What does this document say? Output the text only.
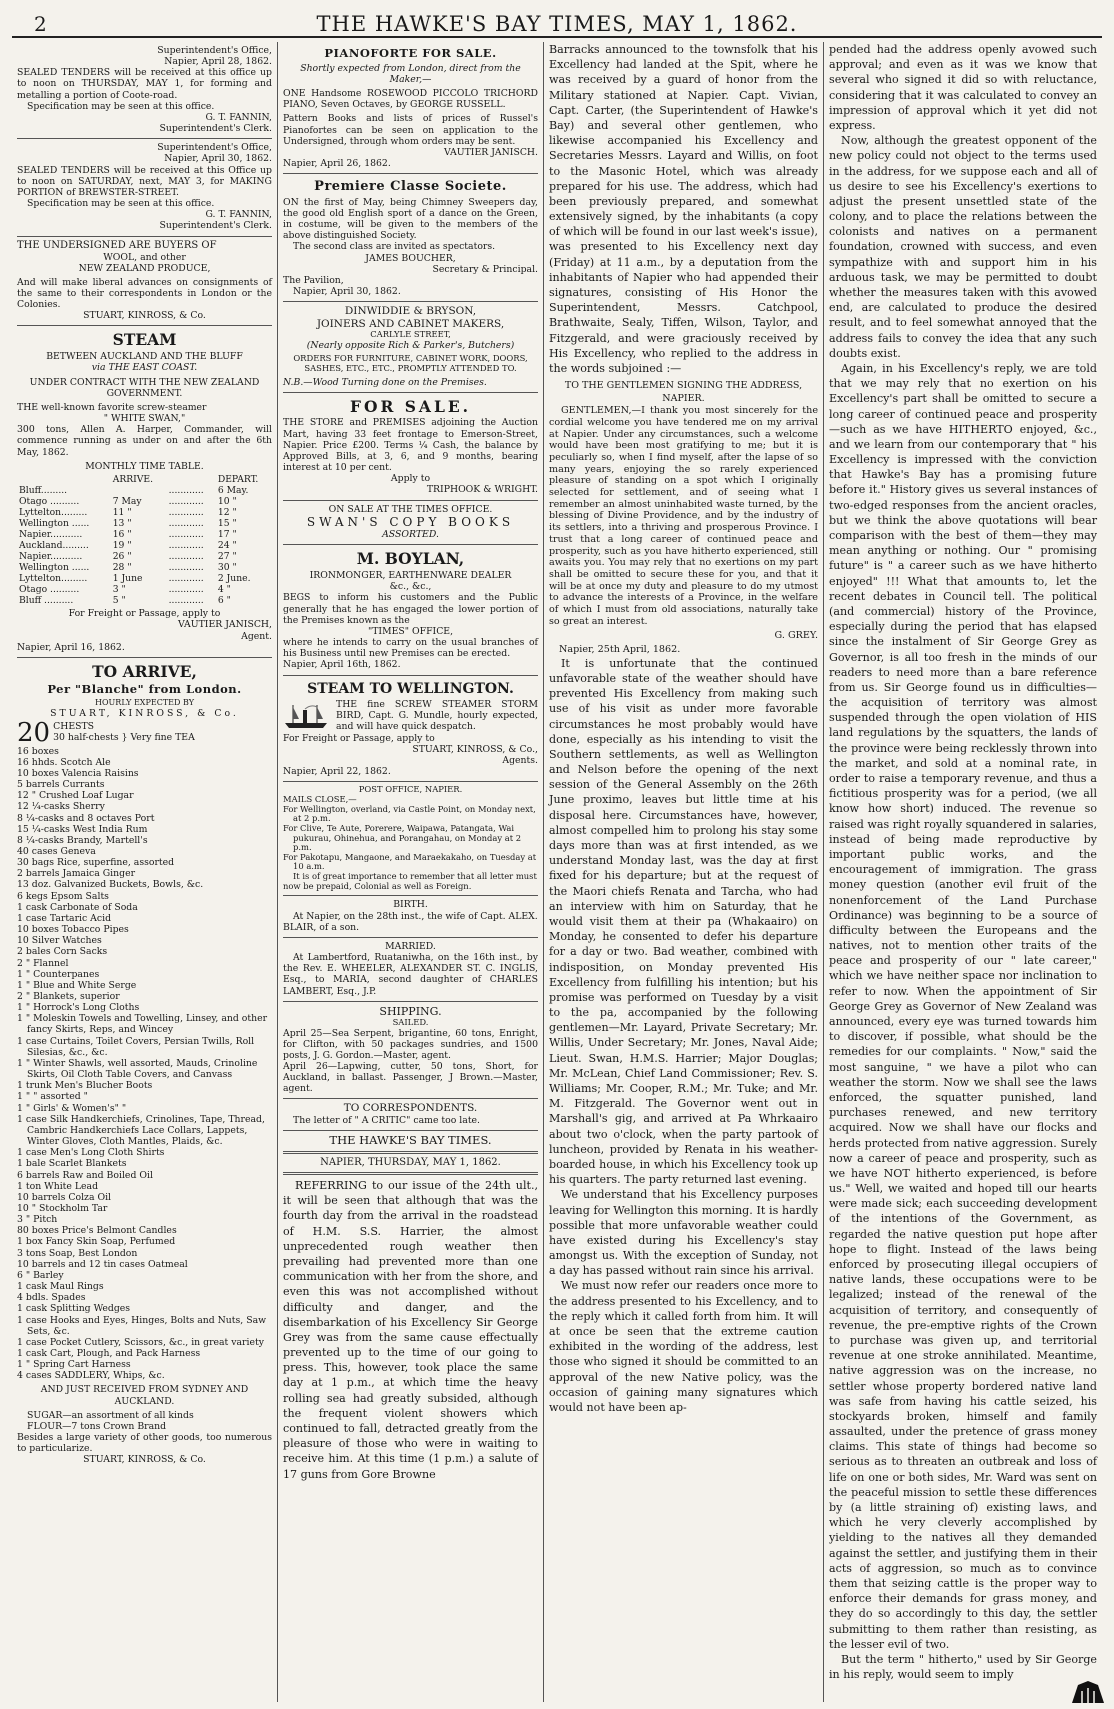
2	THE HAWKE'S BAY TIMES, MAY 1, 1862.
Superintendent's Office,
Napier, April 28, 1862.
SEALED TENDERS will be received at this office up to noon on THURSDAY, MAY 1, for forming and metalling a portion of Coote-road.
Specification may be seen at this office.
G. T. FANNIN,
Superintendent's Clerk.
Superintendent's Office,
Napier, April 30, 1862.
SEALED TENDERS will be received at this Office up to noon on SATURDAY, next, MAY 3, for MAKING PORTION of BREWSTER-STREET.
Specification may be seen at this office.
G. T. FANNIN,
Superintendent's Clerk.
THE UNDERSIGNED ARE BUYERS OF
WOOL, and other
NEW ZEALAND PRODUCE,
And will make liberal advances on consignments of the same to their correspondents in London or the Colonies.
STUART, KINROSS, & Co.
STEAM
BETWEEN AUCKLAND AND THE BLUFF
via THE EAST COAST.
UNDER CONTRACT WITH THE NEW ZEALAND GOVERNMENT.
THE well-known favorite screw-steamer
" WHITE SWAN,"
300 tons, Allen A. Harper, Commander, will commence running as under on and after the 6th May, 1862.
MONTHLY TIME TABLE.
	ARRIVE.		DEPART.
Bluff.........		............	6 May.
Otago ..........	7 May	............	10 "
Lyttelton.........	11 "	............	12 "
Wellington ......	13 "	............	15 "
Napier...........	16 "	............	17 "
Auckland.........	19 "	............	24 "
Napier...........	26 "	............	27 "
Wellington ......	28 "	............	30 "
Lyttelton.........	1 June	............	2 June.
Otago ..........	3 "	............	4 "
Bluff ..........	5 "	............	6 "
For Freight or Passage, apply to
VAUTIER JANISCH,
Agent.
Napier, April 16, 1862.
TO ARRIVE,
Per "Blanche" from London.
HOURLY EXPECTED BY
STUART, KINROSS, & Co.
20 CHESTS
30 half-chests } Very fine TEA
16 boxes
16 hhds. Scotch Ale
10 boxes Valencia Raisins
5 barrels Currants
12 " Crushed Loaf Lugar
12 ¼-casks Sherry
8 ¼-casks and 8 octaves Port
15 ¼-casks West India Rum
8 ¼-casks Brandy, Martell's
40 cases Geneva
30 bags Rice, superfine, assorted
2 barrels Jamaica Ginger
13 doz. Galvanized Buckets, Bowls, &c.
6 kegs Epsom Salts
1 cask Carbonate of Soda
1 case Tartaric Acid
10 boxes Tobacco Pipes
10 Silver Watches
2 bales Corn Sacks
2 " Flannel
1 " Counterpanes
1 " Blue and White Serge
2 " Blankets, superior
1 " Horrock's Long Cloths
1 " Moleskin Towels and Towelling, Linsey, and other fancy Skirts, Reps, and Wincey
1 case Curtains, Toilet Covers, Persian Twills, Roll Silesias, &c., &c.
1 " Winter Shawls, well assorted, Mauds, Crinoline Skirts, Oil Cloth Table Covers, and Canvass
1 trunk Men's Blucher Boots
1 " " assorted "
1 " Girls' & Women's" "
1 case Silk Handkerchiefs, Crinolines, Tape, Thread, Cambric Handkerchiefs Lace Collars, Lappets, Winter Gloves, Cloth Mantles, Plaids, &c.
1 case Men's Long Cloth Shirts
1 bale Scarlet Blankets
6 barrels Raw and Boiled Oil
1 ton White Lead
10 barrels Colza Oil
10 " Stockholm Tar
3 " Pitch
80 boxes Price's Belmont Candles
1 box Fancy Skin Soap, Perfumed
3 tons Soap, Best London
10 barrels and 12 tin cases Oatmeal
6 " Barley
1 cask Maul Rings
4 bdls. Spades
1 cask Splitting Wedges
1 case Hooks and Eyes, Hinges, Bolts and Nuts, Saw Sets, &c.
1 case Pocket Cutlery, Scissors, &c., in great variety
1 cask Cart, Plough, and Pack Harness
1 " Spring Cart Harness
4 cases SADDLERY, Whips, &c.
AND JUST RECEIVED FROM SYDNEY AND AUCKLAND.
SUGAR—an assortment of all kinds
FLOUR—7 tons Crown Brand
Besides a large variety of other goods, too numerous to particularize.
STUART, KINROSS, & Co.
PIANOFORTE FOR SALE.
Shortly expected from London, direct from the Maker,—
ONE Handsome ROSEWOOD PICCOLO TRICHORD PIANO, Seven Octaves, by GEORGE RUSSELL.
Pattern Books and lists of prices of Russel's Pianofortes can be seen on application to the Undersigned, through whom orders may be sent.
VAUTIER JANISCH.
Napier, April 26, 1862.
Premiere Classe Societe.
ON the first of May, being Chimney Sweepers day, the good old English sport of a dance on the Green, in costume, will be given to the members of the above distinguished Society.
The second class are invited as spectators.
JAMES BOUCHER,
Secretary & Principal.
The Pavilion,
Napier, April 30, 1862.
DINWIDDIE & BRYSON,
JOINERS AND CABINET MAKERS,
CARLYLE STREET,
(Nearly opposite Rich & Parker's, Butchers)
ORDERS FOR FURNITURE, CABINET WORK, DOORS, SASHES, ETC., ETC., PROMPTLY ATTENDED TO.
N.B.—Wood Turning done on the Premises.
FOR SALE.
THE STORE and PREMISES adjoining the Auction Mart, having 33 feet frontage to Emerson-Street, Napier. Price £200. Terms ¼ Cash, the balance by Approved Bills, at 3, 6, and 9 months, bearing interest at 10 per cent.
Apply to
TRIPHOOK & WRIGHT.
ON SALE AT THE TIMES OFFICE.
SWAN'S COPY BOOKS
ASSORTED.
M. BOYLAN,
IRONMONGER, EARTHENWARE DEALER
&c., &c.,
BEGS to inform his customers and the Public generally that he has engaged the lower portion of the Premises known as the
"TIMES" OFFICE,
where he intends to carry on the usual branches of his Business until new Premises can be erected.
Napier, April 16th, 1862.
STEAM TO WELLINGTON.
THE fine SCREW STEAMER STORM BIRD, Capt. G. Mundle, hourly expected, and will have quick despatch.
For Freight or Passage, apply to
STUART, KINROSS, & Co.,
Agents.
Napier, April 22, 1862.
POST OFFICE, NAPIER.
MAILS CLOSE,—
For Wellington, overland, via Castle Point, on Monday next, at 2 p.m.
For Clive, Te Aute, Porerere, Waipawa, Patangata, Wai pukurau, Ohinehua, and Porangahau, on Monday at 2 p.m.
For Pakotapu, Mangaone, and Maraekakaho, on Tuesday at 10 a.m.
It is of great importance to remember that all letter must now be prepaid, Colonial as well as Foreign.
BIRTH.
At Napier, on the 28th inst., the wife of Capt. ALEX. BLAIR, of a son.
MARRIED.
At Lambertford, Ruataniwha, on the 16th inst., by the Rev. E. WHEELER, ALEXANDER ST. C. INGLIS, Esq., to MARIA, second daughter of CHARLES LAMBERT, Esq., J.P.
SHIPPING.
SAILED.
April 25—Sea Serpent, brigantine, 60 tons, Enright, for Clifton, with 50 packages sundries, and 1500 posts, J. G. Gordon.—Master, agent.
April 26—Lapwing, cutter, 50 tons, Short, for Auckland, in ballast. Passenger, J Brown.—Master, agent.
TO CORRESPONDENTS.
The letter of " A CRITIC" came too late.
THE HAWKE'S BAY TIMES.
NAPIER, THURSDAY, MAY 1, 1862.
REFERRING to our issue of the 24th ult., it will be seen that although that was the fourth day from the arrival in the roadstead of H.M. S.S. Harrier, the almost unprecedented rough weather then prevailing had prevented more than one communication with her from the shore, and even this was not accomplished without difficulty and danger, and the disembarkation of his Excellency Sir George Grey was from the same cause effectually prevented up to the time of our going to press. This, however, took place the same day at 1 p.m., at which time the heavy rolling sea had greatly subsided, although the frequent violent showers which continued to fall, detracted greatly from the pleasure of those who were in waiting to receive him. At this time (1 p.m.) a salute of 17 guns from Gore Browne
Barracks announced to the townsfolk that his Excellency had landed at the Spit, where he was received by a guard of honor from the Military stationed at Napier. Capt. Vivian, Capt. Carter, (the Superintendent of Hawke's Bay) and several other gentlemen, who likewise accompanied his Excellency and Secretaries Messrs. Layard and Willis, on foot to the Masonic Hotel, which was already prepared for his use. The address, which had been previously prepared, and somewhat extensively signed, by the inhabitants (a copy of which will be found in our last week's issue), was presented to his Excellency next day (Friday) at 11 a.m., by a deputation from the inhabitants of Napier who had appended their signatures, consisting of His Honor the Superintendent, Messrs. Catchpool, Brathwaite, Sealy, Tiffen, Wilson, Taylor, and Fitzgerald, and were graciously received by His Excellency, who replied to the address in the words subjoined :—
TO THE GENTLEMEN SIGNING THE ADDRESS, NAPIER.
GENTLEMEN,—I thank you most sincerely for the cordial welcome you have tendered me on my arrival at Napier. Under any circumstances, such a welcome would have been most gratifying to me; but it is peculiarly so, when I find myself, after the lapse of so many years, enjoying the so rarely experienced pleasure of standing on a spot which I originally selected for settlement, and of seeing what I remember an almost uninhabited waste turned, by the blessing of Divine Providence, and by the industry of its settlers, into a thriving and prosperous Province. I trust that a long career of continued peace and prosperity, such as you have hitherto experienced, still awaits you. You may rely that no exertions on my part shall be omitted to secure these for you, and that it will be at once my duty and pleasure to do my utmost to advance the interests of a Province, in the welfare of which I must from old associations, naturally take so great an interest.
G. GREY.
Napier, 25th April, 1862.
It is unfortunate that the continued unfavorable state of the weather should have prevented His Excellency from making such use of his visit as under more favorable circumstances he most probably would have done, especially as his intending to visit the Southern settlements, as well as Wellington and Nelson before the opening of the next session of the General Assembly on the 26th June proximo, leaves but little time at his disposal here. Circumstances have, however, almost compelled him to prolong his stay some days more than was at first intended, as we understand Monday last, was the day at first fixed for his departure; but at the request of the Maori chiefs Renata and Tarcha, who had an interview with him on Saturday, that he would visit them at their pa (Whakaairo) on Monday, he consented to defer his departure for a day or two. Bad weather, combined with indisposition, on Monday prevented His Excellency from fulfilling his intention; but his promise was performed on Tuesday by a visit to the pa, accompanied by the following gentlemen—Mr. Layard, Private Secretary; Mr. Willis, Under Secretary; Mr. Jones, Naval Aide; Lieut. Swan, H.M.S. Harrier; Major Douglas; Mr. McLean, Chief Land Commissioner; Rev. S. Williams; Mr. Cooper, R.M.; Mr. Tuke; and Mr. M. Fitzgerald. The Governor went out in Marshall's gig, and arrived at Pa Whrkaairo about two o'clock, when the party partook of luncheon, provided by Renata in his weather-boarded house, in which his Excellency took up his quarters. The party returned last evening.
We understand that his Excellency purposes leaving for Wellington this morning. It is hardly possible that more unfavorable weather could have existed during his Excellency's stay amongst us. With the exception of Sunday, not a day has passed without rain since his arrival.
We must now refer our readers once more to the address presented to his Excellency, and to the reply which it called forth from him. It will at once be seen that the extreme caution exhibited in the wording of the address, lest those who signed it should be committed to an approval of the new Native policy, was the occasion of gaining many signatures which would not have been ap-
pended had the address openly avowed such approval; and even as it was we know that several who signed it did so with reluctance, considering that it was calculated to convey an impression of approval which it yet did not express.
Now, although the greatest opponent of the new policy could not object to the terms used in the address, for we suppose each and all of us desire to see his Excellency's exertions to adjust the present unsettled state of the colony, and to place the relations between the colonists and natives on a permanent foundation, crowned with success, and even sympathize with and support him in his arduous task, we may be permitted to doubt whether the measures taken with this avowed end, are calculated to produce the desired result, and to feel somewhat annoyed that the address fails to convey the idea that any such doubts exist.
Again, in his Excellency's reply, we are told that we may rely that no exertion on his Excellency's part shall be omitted to secure a long career of continued peace and prosperity—such as we have HITHERTO enjoyed, &c., and we learn from our contemporary that " his Excellency is impressed with the conviction that Hawke's Bay has a promising future before it." History gives us several instances of two-edged responses from the ancient oracles, but we think the above quotations will bear comparison with the best of them—they may mean anything or nothing. Our " promising future" is " a career such as we have hitherto enjoyed" !!! What that amounts to, let the recent debates in Council tell. The political (and commercial) history of the Province, especially during the period that has elapsed since the instalment of Sir George Grey as Governor, is all too fresh in the minds of our readers to need more than a bare reference from us. Sir George found us in difficulties—the acquisition of territory was almost suspended through the open violation of HIS land regulations by the squatters, the lands of the province were being recklessly thrown into the market, and sold at a nominal rate, in order to raise a temporary revenue, and thus a fictitious prosperity was for a period, (we all know how short) induced. The revenue so raised was right royally squandered in salaries, instead of being made reproductive by important public works, and the encouragement of immigration. The grass money question (another evil fruit of the nonenforcement of the Land Purchase Ordinance) was beginning to be a source of difficulty between the Europeans and the natives, not to mention other traits of the peace and prosperity of our " late career," which we have neither space nor inclination to refer to now. When the appointment of Sir George Grey as Governor of New Zealand was announced, every eye was turned towards him to discover, if possible, what should be the remedies for our complaints. " Now," said the most sanguine, " we have a pilot who can weather the storm. Now we shall see the laws enforced, the squatter punished, land purchases renewed, and new territory acquired. Now we shall have our flocks and herds protected from native aggression. Surely now a career of peace and prosperity, such as we have NOT hitherto experienced, is before us." Well, we waited and hoped till our hearts were made sick; each succeeding development of the intentions of the Government, as regarded the native question put hope after hope to flight. Instead of the laws being enforced by prosecuting illegal occupiers of native lands, these occupations were to be legalized; instead of the renewal of the acquisition of territory, and consequently of revenue, the pre-emptive rights of the Crown to purchase was given up, and territorial revenue at one stroke annihilated. Meantime, native aggression was on the increase, no settler whose property bordered native land was safe from having his cattle seized, his stockyards broken, himself and family assaulted, under the pretence of grass money claims. This state of things had become so serious as to threaten an outbreak and loss of life on one or both sides, Mr. Ward was sent on the peaceful mission to settle these differences by (a little straining of) existing laws, and which he very cleverly accomplished by yielding to the natives all they demanded against the settler, and justifying them in their acts of aggression, so much as to convince them that seizing cattle is the proper way to enforce their demands for grass money, and they do so accordingly to this day, the settler submitting to them rather than resisting, as the lesser evil of two.
But the term " hitherto," used by Sir George in his reply, would seem to imply
